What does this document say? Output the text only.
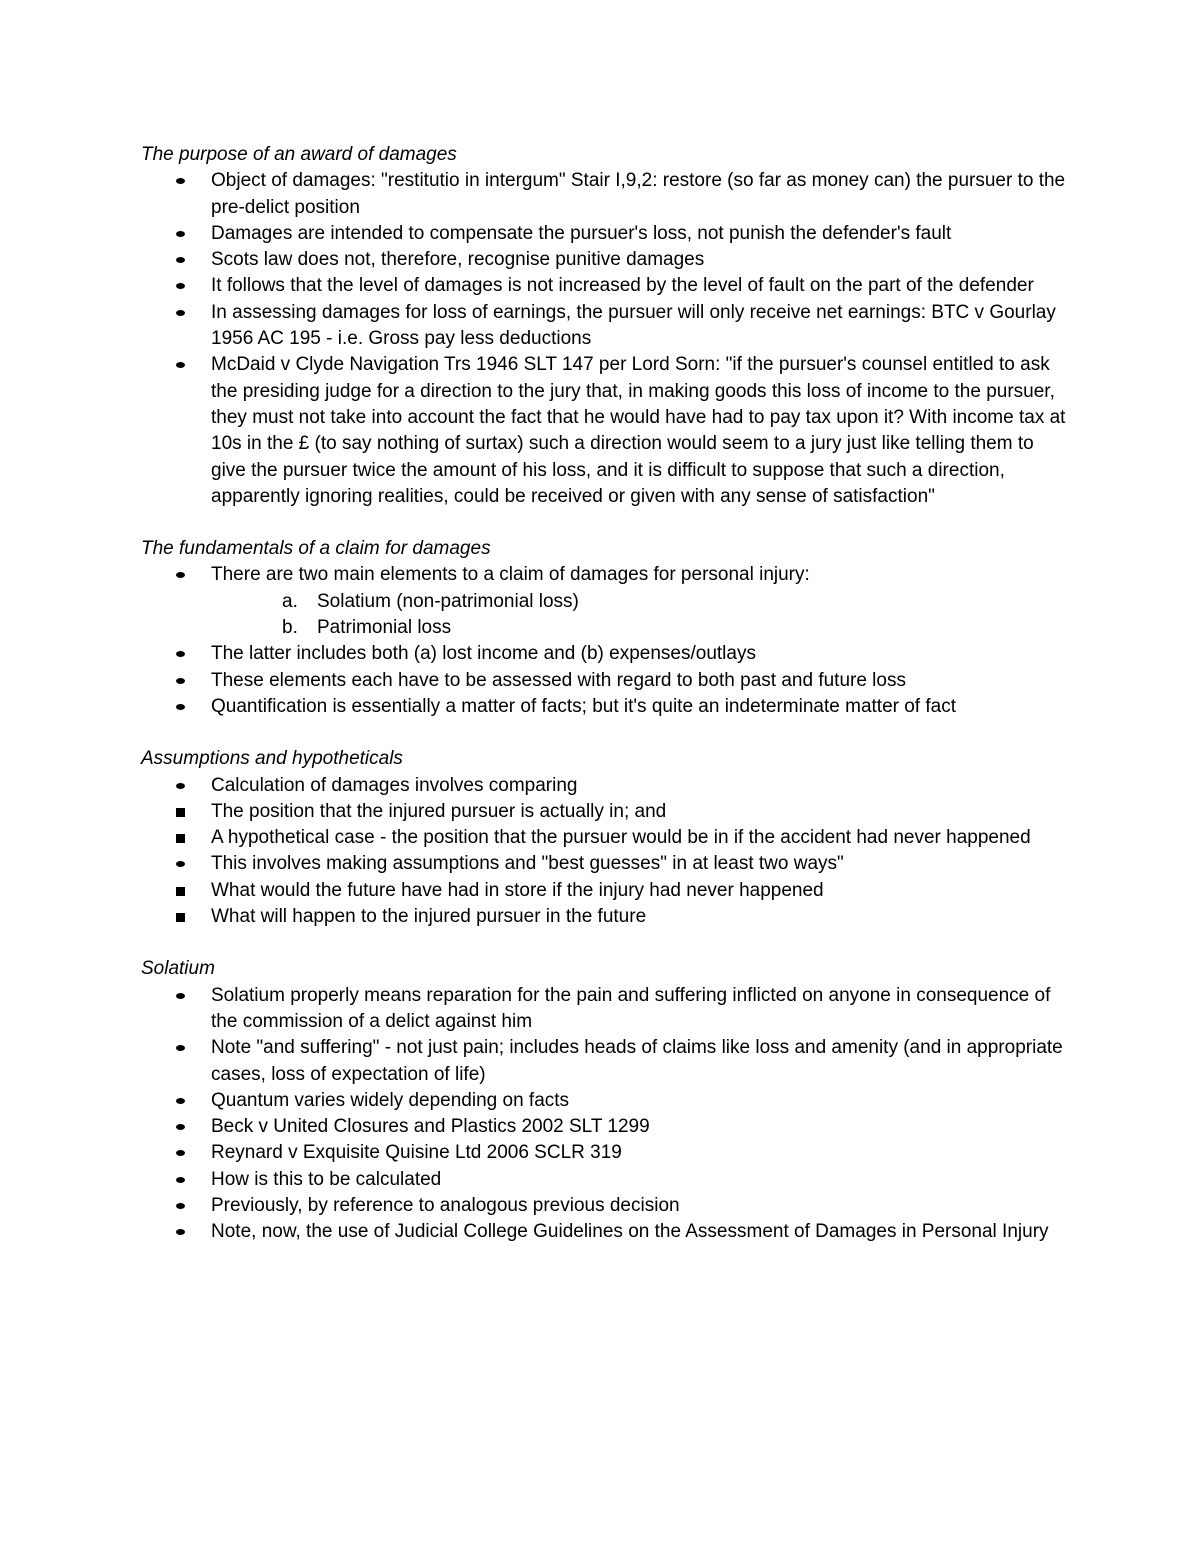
The purpose of an award of damages

Object of damages: "restitutio in intergum" Stair I,9,2: restore (so far as money can) the pursuer to the pre-delict position
Damages are intended to compensate the pursuer's loss, not punish the defender's fault
Scots law does not, therefore, recognise punitive damages
It follows that the level of damages is not increased by the level of fault on the part of the defender
In assessing damages for loss of earnings, the pursuer will only receive net earnings: BTC v Gourlay 1956 AC 195 - i.e. Gross pay less deductions
McDaid v Clyde Navigation Trs 1946 SLT 147 per Lord Sorn: "if the pursuer's counsel entitled to ask the presiding judge for a direction to the jury that, in making goods this loss of income to the pursuer, they must not take into account the fact that he would have had to pay tax upon it? With income tax at 10s in the £ (to say nothing of surtax) such a direction would seem to a jury just like telling them to give the pursuer twice the amount of his loss, and it is difficult to suppose that such a direction, apparently ignoring realities, could be received or given with any sense of satisfaction"

The fundamentals of a claim for damages

There are two main elements to a claim of damages for personal injury:
a. Solatium (non-patrimonial loss)
b. Patrimonial loss
The latter includes both (a) lost income and (b) expenses/outlays
These elements each have to be assessed with regard to both past and future loss
Quantification is essentially a matter of facts; but it's quite an indeterminate matter of fact

Assumptions and hypotheticals

Calculation of damages involves comparing
The position that the injured pursuer is actually in; and
A hypothetical case - the position that the pursuer would be in if the accident had never happened
This involves making assumptions and "best guesses" in at least two ways"
What would the future have had in store if the injury had never happened
What will happen to the injured pursuer in the future

Solatium

Solatium properly means reparation for the pain and suffering inflicted on anyone in consequence of the commission of a delict against him
Note "and suffering" - not just pain; includes heads of claims like loss and amenity (and in appropriate cases, loss of expectation of life)
Quantum varies widely depending on facts
Beck v United Closures and Plastics 2002 SLT 1299
Reynard v Exquisite Quisine Ltd 2006 SCLR 319
How is this to be calculated
Previously, by reference to analogous previous decision
Note, now, the use of Judicial College Guidelines on the Assessment of Damages in Personal Injury
